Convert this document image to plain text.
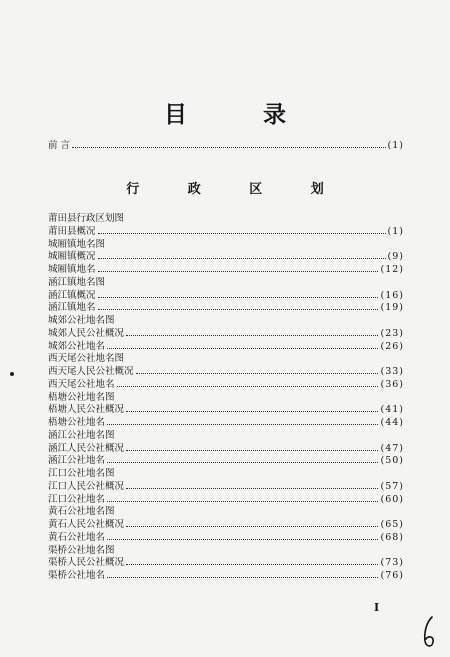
目 录
前 言	(1)
行 政 区 划
莆田县行政区划图
莆田县概况	(1)
城厢镇地名图
城厢镇概况	(9)
城厢镇地名	(12)
涵江镇地名图
涵江镇概况	(16)
涵江镇地名	(19)
城郊公社地名图
城郊人民公社概况	(23)
城郊公社地名	(26)
西天尾公社地名图
西天尾人民公社概况	(33)
西天尾公社地名	(36)
梧塘公社地名图
梧塘人民公社概况	(41)
梧塘公社地名	(44)
涵江公社地名图
涵江人民公社概况	(47)
涵江公社地名	(50)
江口公社地名图
江口人民公社概况	(57)
江口公社地名	(60)
黄石公社地名图
黄石人民公社概况	(65)
黄石公社地名	(68)
渠桥公社地名图
渠桥人民公社概况	(73)
渠桥公社地名	(76)
I
